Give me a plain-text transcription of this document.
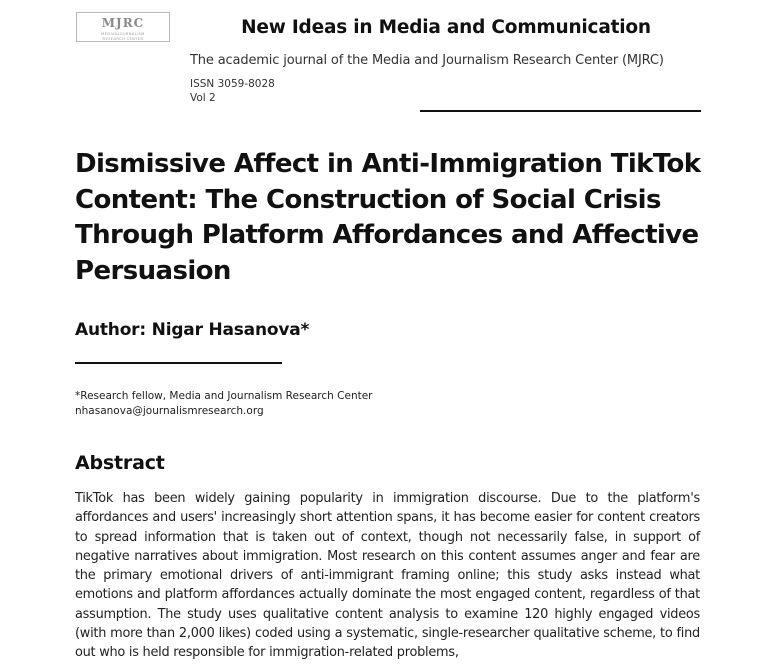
MJRC
MEDIA&JOURNALISM
RESEARCH CENTER
New Ideas in Media and Communication

The academic journal of the Media and Journalism Research Center (MJRC)

ISSN 3059-8028
Vol 2
Dismissive Affect in Anti-Immigration TikTok Content: The Construction of Social Crisis Through Platform Affordances and Affective Persuasion
Author: Nigar Hasanova*
*Research fellow, Media and Journalism Research Center
nhasanova@journalismresearch.org
Abstract

TikTok has been widely gaining popularity in immigration discourse. Due to the platform's affordances and users' increasingly short attention spans, it has become easier for content creators to spread information that is taken out of context, though not necessarily false, in support of negative narratives about immigration. Most research on this content assumes anger and fear are the primary emotional drivers of anti-immigrant framing online; this study asks instead what emotions and platform affordances actually dominate the most engaged content, regardless of that assumption. The study uses qualitative content analysis to examine 120 highly engaged videos (with more than 2,000 likes) coded using a systematic, single-researcher qualitative scheme, to find out who is held responsible for immigration-related problems,
